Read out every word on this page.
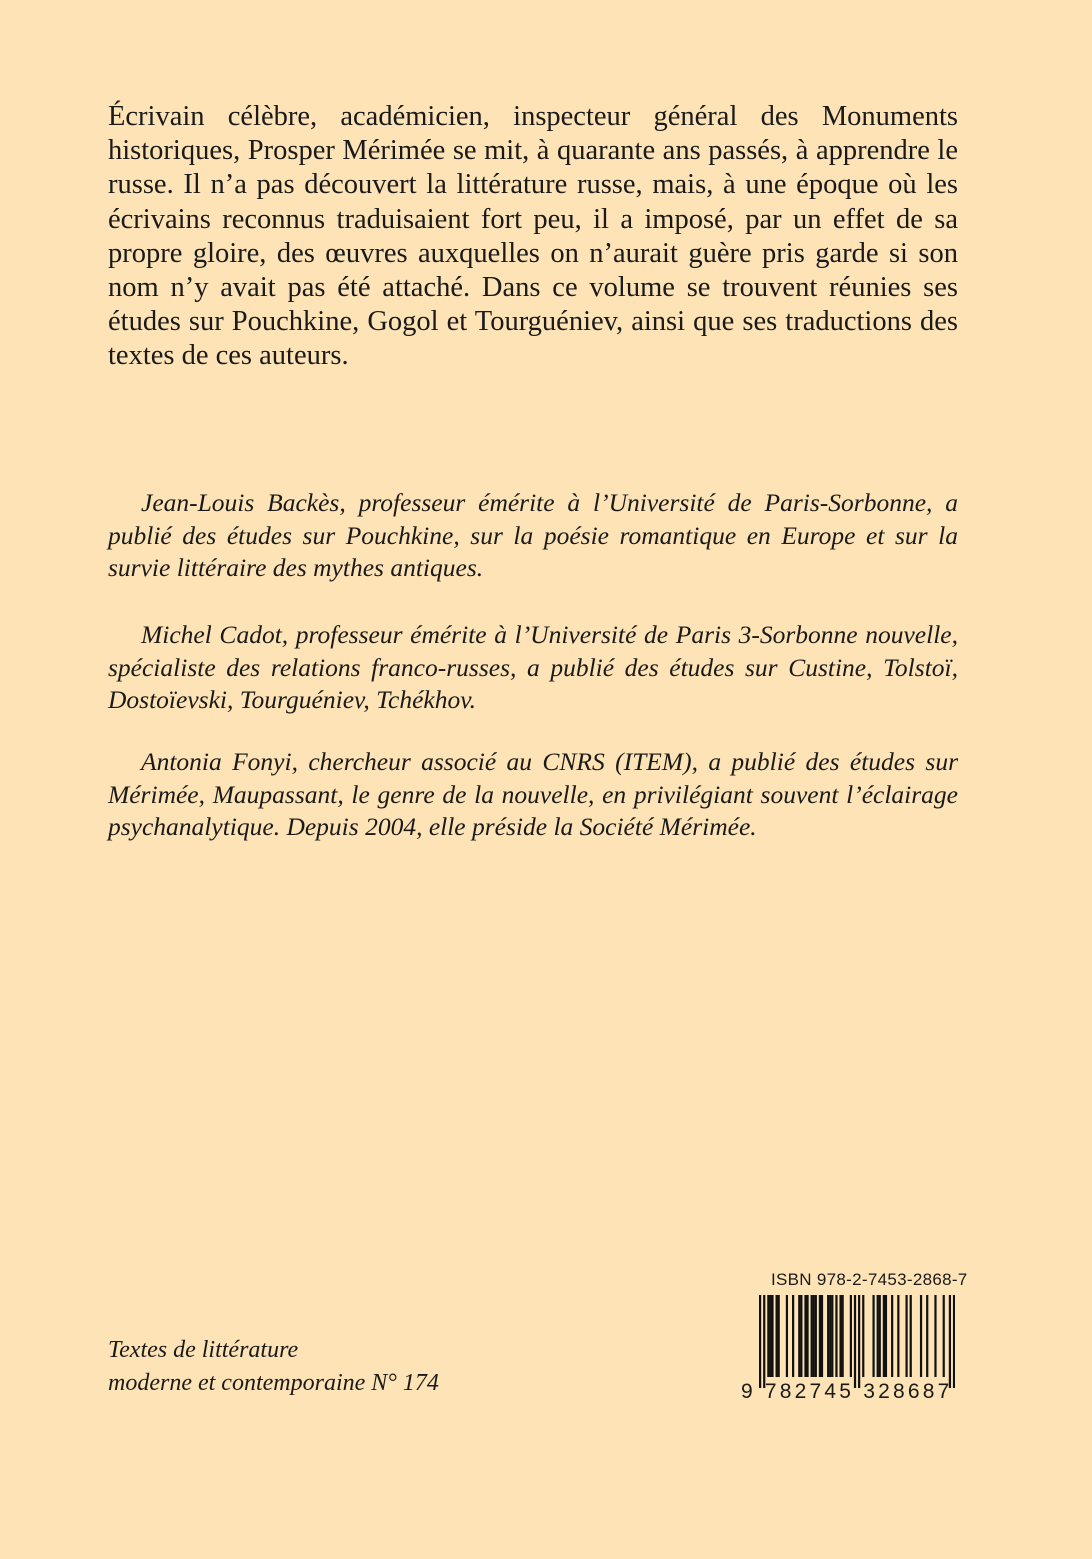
Écrivain célèbre, académicien, inspecteur général des Monuments historiques, Prosper Mérimée se mit, à quarante ans passés, à apprendre le russe. Il n’a pas découvert la littérature russe, mais, à une époque où les écrivains reconnus traduisaient fort peu, il a imposé, par un effet de sa propre gloire, des œuvres auxquelles on n’aurait guère pris garde si son nom n’y avait pas été attaché. Dans ce volume se trouvent réunies ses études sur Pouchkine, Gogol et Tourguéniev, ainsi que ses traductions des textes de ces auteurs.

Jean-Louis Backès, professeur émérite à l’Université de Paris-Sorbonne, a publié des études sur Pouchkine, sur la poésie romantique en Europe et sur la survie littéraire des mythes antiques.

Michel Cadot, professeur émérite à l’Université de Paris 3-Sorbonne nouvelle, spécialiste des relations franco-russes, a publié des études sur Custine, Tolstoï, Dostoïevski, Tourguéniev, Tchékhov.

Antonia Fonyi, chercheur associé au CNRS (ITEM), a publié des études sur Mérimée, Maupassant, le genre de la nouvelle, en privilégiant souvent l’éclairage psychanalytique. Depuis 2004, elle préside la Société Mérimée.

Textes de littérature
moderne et contemporaine N° 174
ISBN 978-2-7453-2868-7
9 782745 328687
